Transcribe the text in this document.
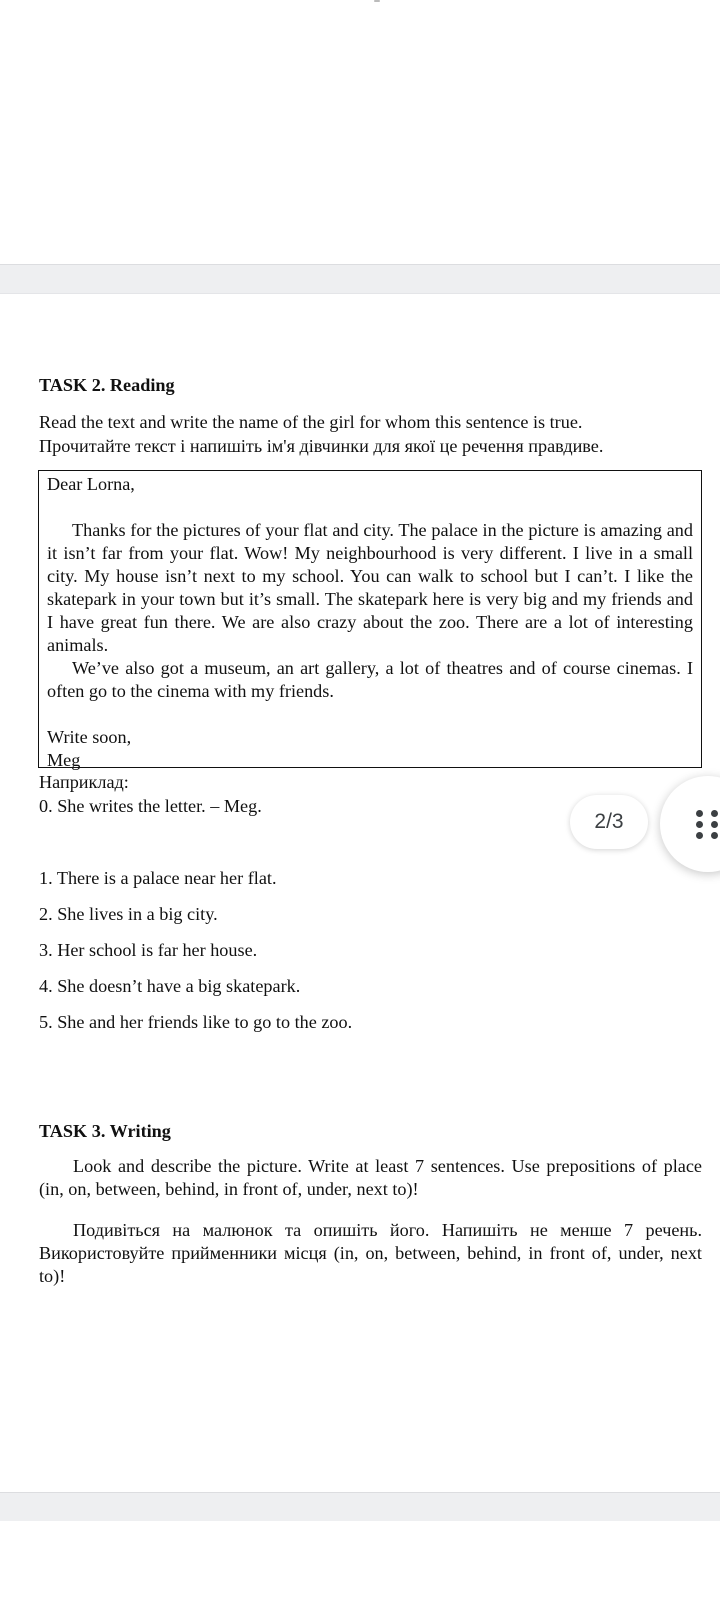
TASK 2. Reading

Read the text and write the name of the girl for whom this sentence is true.

Прочитайте текст і напишіть ім'я дівчинки для якої це речення правдиве.

Dear Lorna,

Thanks for the pictures of your flat and city. The palace in the picture is amazing and it isn’t far from your flat. Wow! My neighbourhood is very different. I live in a small city. My house isn’t next to my school. You can walk to school but I can’t. I like the skatepark in your town but it’s small. The skatepark here is very big and my friends and I have great fun there. We are also crazy about the zoo. There are a lot of interesting animals.

We’ve also got a museum, an art gallery, a lot of theatres and of course cinemas. I often go to the cinema with my friends.

Write soon,

Meg

Наприклад:

0. She writes the letter. – Meg.

1. There is a palace near her flat.

2. She lives in a big city.

3. Her school is far her house.

4. She doesn’t have a big skatepark.

5. She and her friends like to go to the zoo.

TASK 3. Writing

Look and describe the picture. Write at least 7 sentences. Use prepositions of place (in, on, between, behind, in front of, under, next to)!

Подивіться на малюнок та опишіть його. Напишіть не менше 7 речень. Використовуйте прийменники місця (in, on, between, behind, in front of, under, next to)!

2/3
